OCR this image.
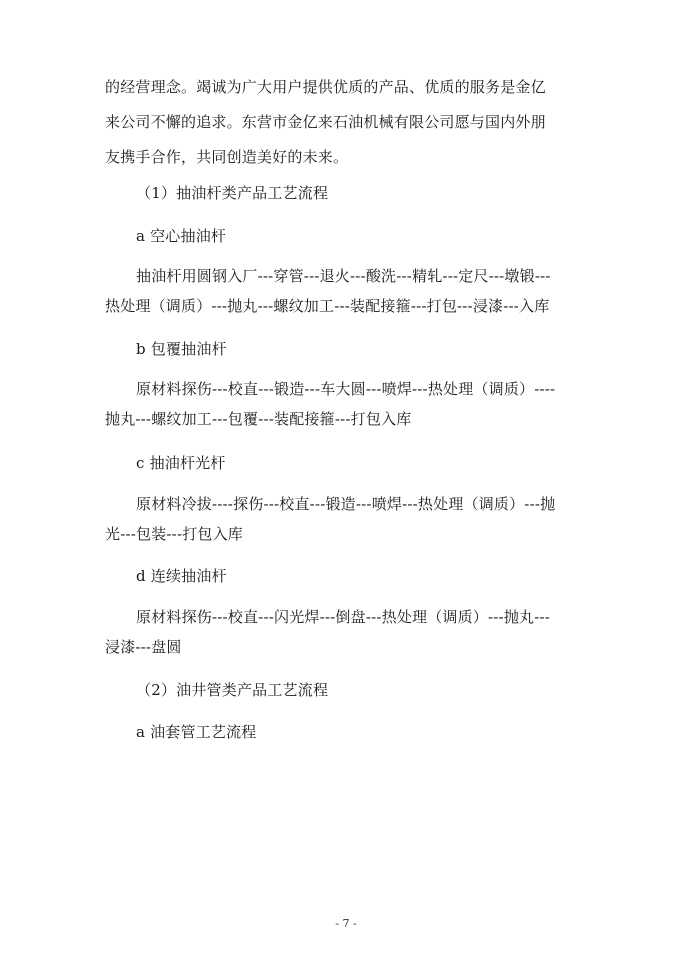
的经营理念。竭诚为广大用户提供优质的产品、优质的服务是金亿
来公司不懈的追求。东营市金亿来石油机械有限公司愿与国内外朋
友携手合作，共同创造美好的未来。
（1）抽油杆类产品工艺流程
a 空心抽油杆
抽油杆用圆钢入厂---穿管---退火---酸洗---精轧---定尺---墩锻---
热处理（调质）---抛丸---螺纹加工---装配接箍---打包---浸漆---入库
b 包覆抽油杆
原材料探伤---校直---锻造---车大圆---喷焊---热处理（调质）----
抛丸---螺纹加工---包覆---装配接箍---打包入库
c 抽油杆光杆
原材料冷拔----探伤---校直---锻造---喷焊---热处理（调质）---抛
光---包装---打包入库
d 连续抽油杆
原材料探伤---校直---闪光焊---倒盘---热处理（调质）---抛丸---
浸漆---盘圆
（2）油井管类产品工艺流程
a 油套管工艺流程
- 7 -
